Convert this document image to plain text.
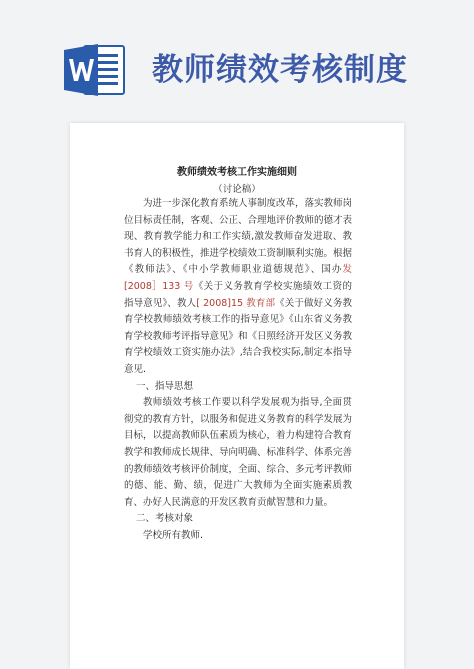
教师绩效考核制度
教师绩效考核工作实施细则
（讨论稿）

为进一步深化教育系统人事制度改革，落实教师岗位目标责任制，客观、公正、合理地评价教师的德才表现、教育教学能力和工作实绩,激发教师奋发进取、教书育人的积极性，推进学校绩效工资制顺利实施。根据《教师法》、《中小学教师职业道德规范》、国办发[2008］133 号《关于义务教育学校实施绩效工资的指导意见》、教人[ 2008]15 教育部《关于做好义务教育学校教师绩效考核工作的指导意见》《山东省义务教育学校教师考评指导意见》和《日照经济开发区义务教育学校绩效工资实施办法》,结合我校实际,制定本指导意见.

一、指导思想

教师绩效考核工作要以科学发展观为指导,全面贯彻党的教育方针，以服务和促进义务教育的科学发展为目标，以提高教师队伍素质为核心，着力构建符合教育教学和教师成长规律、导向明确、标准科学、体系完善的教师绩效考核评价制度，全面、综合、多元考评教师的德、能、勤、绩，促进广大教师为全面实施素质教育、办好人民满意的开发区教育贡献智慧和力量。

二、考核对象

学校所有教师.
